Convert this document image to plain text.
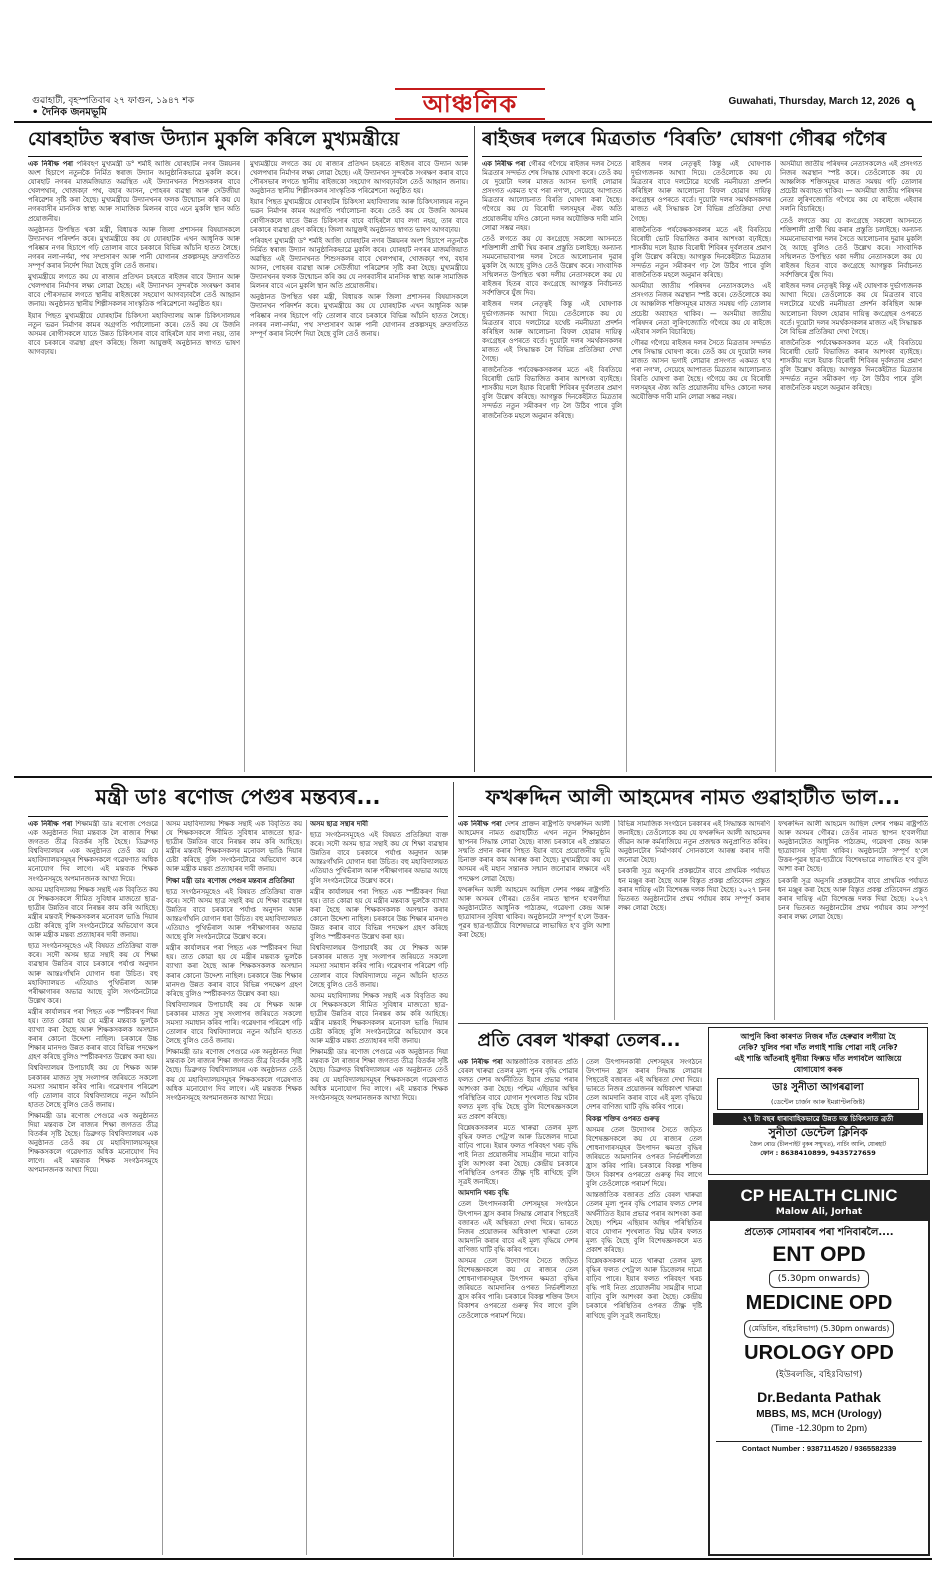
গুৱাহাটী, বৃহস্পতিবাৰ ২৭ ফাগুন, ১৯৪৭ শক
• দৈনিক জনমভূমি	আঞ্চলিক	Guwahati, Thursday, March 12, 2026 ৭
যোৰহাটত স্বৰাজ উদ্যান মুকলি কৰিলে মুখ্যমন্ত্ৰীয়ে

এক নিৰীক্ষ পৰা পৰিবহণ মুখ্যমন্ত্ৰী ড° শৰ্মাই আজি যোৰহাটৰ নগৰ উন্নয়নৰ অংশ হিচাপে নতুনকৈ নিৰ্মিত স্বৰাজ উদ্যান আনুষ্ঠানিকভাৱে মুকলি কৰে। যোৰহাট নগৰৰ মাজমজিয়াত অৱস্থিত এই উদ্যানখনত শিশুসকলৰ বাবে খেলপথাৰ, খোজকঢ়া পথ, বহাৰ আসন, পোহৰৰ ব্যৱস্থা আৰু সেউজীয়া পৰিৱেশৰ সৃষ্টি কৰা হৈছে। মুখ্যমন্ত্ৰীয়ে উদ্যানখনৰ ফলক উন্মোচন কৰি কয় যে নগৰবাসীৰ মানসিক স্বাস্থ্য আৰু সামাজিক মিলনৰ বাবে এনে মুকলি স্থান অতি প্ৰয়োজনীয়।

অনুষ্ঠানত উপস্থিত থকা মন্ত্ৰী, বিধায়ক আৰু জিলা প্ৰশাসনৰ বিষয়াসকলে উদ্যানখন পৰিদৰ্শন কৰে। মুখ্যমন্ত্ৰীয়ে কয় যে যোৰহাটক এখন আধুনিক আৰু পৰিষ্কাৰ নগৰ হিচাপে গঢ়ি তোলাৰ বাবে চৰকাৰে বিভিন্ন আঁচনি হাতত লৈছে। নগৰৰ নলা-নৰ্দমা, পথ সম্প্ৰসাৰণ আৰু পানী যোগানৰ প্ৰকল্পসমূহ দ্ৰুতগতিত সম্পূৰ্ণ কৰাৰ নিৰ্দেশ দিয়া হৈছে বুলি তেওঁ জনায়।

মুখ্যমন্ত্ৰীয়ে লগতে কয় যে ৰাজ্যৰ প্ৰতিখন চহৰতে ৰাইজৰ বাবে উদ্যান আৰু খেলপথাৰ নিৰ্মাণৰ লক্ষ্য লোৱা হৈছে। এই উদ্যানখন সুন্দৰকৈ সংৰক্ষণ কৰাৰ বাবে পৌৰসভাৰ লগতে স্থানীয় ৰাইজকো সহযোগ আগবঢ়াবলৈ তেওঁ আহ্বান জনায়। অনুষ্ঠানত স্থানীয় শিল্পীসকলৰ সাংস্কৃতিক পৰিৱেশনো অনুষ্ঠিত হয়।

ইয়াৰ পিছত মুখ্যমন্ত্ৰীয়ে যোৰহাটৰ চিকিৎসা মহাবিদ্যালয় আৰু চিকিৎসালয়ৰ নতুন ভৱন নিৰ্মাণৰ কামৰ অগ্ৰগতি পৰ্যালোচনা কৰে। তেওঁ কয় যে উজনি অসমৰ ৰোগীসকলে যাতে উন্নত চিকিৎসাৰ বাবে বাহিৰলৈ যাব লগা নহয়, তাৰ বাবে চৰকাৰে ব্যৱস্থা গ্ৰহণ কৰিছে। জিলা আয়ুক্তই অনুষ্ঠানত স্বাগত ভাষণ আগবঢ়ায়।

মুখ্যমন্ত্ৰীয়ে লগতে কয় যে ৰাজ্যৰ প্ৰতিখন চহৰতে ৰাইজৰ বাবে উদ্যান আৰু খেলপথাৰ নিৰ্মাণৰ লক্ষ্য লোৱা হৈছে। এই উদ্যানখন সুন্দৰকৈ সংৰক্ষণ কৰাৰ বাবে পৌৰসভাৰ লগতে স্থানীয় ৰাইজকো সহযোগ আগবঢ়াবলৈ তেওঁ আহ্বান জনায়। অনুষ্ঠানত স্থানীয় শিল্পীসকলৰ সাংস্কৃতিক পৰিৱেশনো অনুষ্ঠিত হয়।

ইয়াৰ পিছত মুখ্যমন্ত্ৰীয়ে যোৰহাটৰ চিকিৎসা মহাবিদ্যালয় আৰু চিকিৎসালয়ৰ নতুন ভৱন নিৰ্মাণৰ কামৰ অগ্ৰগতি পৰ্যালোচনা কৰে। তেওঁ কয় যে উজনি অসমৰ ৰোগীসকলে যাতে উন্নত চিকিৎসাৰ বাবে বাহিৰলৈ যাব লগা নহয়, তাৰ বাবে চৰকাৰে ব্যৱস্থা গ্ৰহণ কৰিছে। জিলা আয়ুক্তই অনুষ্ঠানত স্বাগত ভাষণ আগবঢ়ায়।

পৰিবহণ মুখ্যমন্ত্ৰী ড° শৰ্মাই আজি যোৰহাটৰ নগৰ উন্নয়নৰ অংশ হিচাপে নতুনকৈ নিৰ্মিত স্বৰাজ উদ্যান আনুষ্ঠানিকভাৱে মুকলি কৰে। যোৰহাট নগৰৰ মাজমজিয়াত অৱস্থিত এই উদ্যানখনত শিশুসকলৰ বাবে খেলপথাৰ, খোজকঢ়া পথ, বহাৰ আসন, পোহৰৰ ব্যৱস্থা আৰু সেউজীয়া পৰিৱেশৰ সৃষ্টি কৰা হৈছে। মুখ্যমন্ত্ৰীয়ে উদ্যানখনৰ ফলক উন্মোচন কৰি কয় যে নগৰবাসীৰ মানসিক স্বাস্থ্য আৰু সামাজিক মিলনৰ বাবে এনে মুকলি স্থান অতি প্ৰয়োজনীয়।

অনুষ্ঠানত উপস্থিত থকা মন্ত্ৰী, বিধায়ক আৰু জিলা প্ৰশাসনৰ বিষয়াসকলে উদ্যানখন পৰিদৰ্শন কৰে। মুখ্যমন্ত্ৰীয়ে কয় যে যোৰহাটক এখন আধুনিক আৰু পৰিষ্কাৰ নগৰ হিচাপে গঢ়ি তোলাৰ বাবে চৰকাৰে বিভিন্ন আঁচনি হাতত লৈছে। নগৰৰ নলা-নৰ্দমা, পথ সম্প্ৰসাৰণ আৰু পানী যোগানৰ প্ৰকল্পসমূহ দ্ৰুতগতিত সম্পূৰ্ণ কৰাৰ নিৰ্দেশ দিয়া হৈছে বুলি তেওঁ জনায়।

ৰাইজৰ দলৰে মিত্ৰতাত ‘বিৰতি’ ঘোষণা গৌৰৱ গগৈৰ

এক নিৰীক্ষ পৰা গৌৰৱ গগৈয়ে ৰাইজৰ দলৰ সৈতে মিত্ৰতাৰ সন্দৰ্ভত শেষ সিদ্ধান্ত ঘোষণা কৰে। তেওঁ কয় যে দুয়োটা দলৰ মাজত আসন ভগাই লোৱাৰ প্ৰসংগত একমত হ'ব পৰা নগ'ল, সেয়েহে আপাতত মিত্ৰতাৰ আলোচনাত বিৰতি ঘোষণা কৰা হৈছে। গগৈয়ে কয় যে বিৰোধী দলসমূহৰ ঐক্য অতি প্ৰয়োজনীয় যদিও কোনো দলৰ অযৌক্তিক দাবী মানি লোৱা সম্ভৱ নহয়।

তেওঁ লগতে কয় যে কংগ্ৰেছে সকলো আসনতে শক্তিশালী প্ৰাৰ্থী থিয় কৰাৰ প্ৰস্তুতি চলাইছে। অন্যান্য সমমনোভাবাপন্ন দলৰ সৈতে আলোচনাৰ দুৱাৰ মুকলি হৈ আছে বুলিও তেওঁ উল্লেখ কৰে। সাংবাদিক সন্মিলনত উপস্থিত থকা দলীয় নেতাসকলে কয় যে ৰাইজৰ হিতৰ বাবে কংগ্ৰেছে আগন্তুক নিৰ্বাচনত সৰ্বশক্তিৰে যুঁজ দিব।

ৰাইজৰ দলৰ নেতৃত্বই কিন্তু এই ঘোষণাক দুৰ্ভাগ্যজনক আখ্যা দিয়ে। তেওঁলোকে কয় যে মিত্ৰতাৰ বাবে দলটোৱে যথেষ্ট নমনীয়তা প্ৰদৰ্শন কৰিছিল আৰু আলোচনা বিফল হোৱাৰ দায়িত্ব কংগ্ৰেছৰ ওপৰতে বৰ্তে। দুয়োটা দলৰ সমৰ্থকসকলৰ মাজত এই সিদ্ধান্তক লৈ বিভিন্ন প্ৰতিক্ৰিয়া দেখা গৈছে।

ৰাজনৈতিক পৰ্যবেক্ষকসকলৰ মতে এই বিৰতিয়ে বিৰোধী ভোট বিভাজিত কৰাৰ আশংকা বঢ়াইছে। শাসকীয় দলে ইয়াক বিৰোধী শিবিৰৰ দুৰ্বলতাৰ প্ৰমাণ বুলি উল্লেখ কৰিছে। আগন্তুক দিনকেইটাত মিত্ৰতাৰ সন্দৰ্ভত নতুন সমীকৰণ গঢ় লৈ উঠিব পাৰে বুলি ৰাজনৈতিক মহলে অনুমান কৰিছে।

ৰাইজৰ দলৰ নেতৃত্বই কিন্তু এই ঘোষণাক দুৰ্ভাগ্যজনক আখ্যা দিয়ে। তেওঁলোকে কয় যে মিত্ৰতাৰ বাবে দলটোৱে যথেষ্ট নমনীয়তা প্ৰদৰ্শন কৰিছিল আৰু আলোচনা বিফল হোৱাৰ দায়িত্ব কংগ্ৰেছৰ ওপৰতে বৰ্তে। দুয়োটা দলৰ সমৰ্থকসকলৰ মাজত এই সিদ্ধান্তক লৈ বিভিন্ন প্ৰতিক্ৰিয়া দেখা গৈছে।

ৰাজনৈতিক পৰ্যবেক্ষকসকলৰ মতে এই বিৰতিয়ে বিৰোধী ভোট বিভাজিত কৰাৰ আশংকা বঢ়াইছে। শাসকীয় দলে ইয়াক বিৰোধী শিবিৰৰ দুৰ্বলতাৰ প্ৰমাণ বুলি উল্লেখ কৰিছে। আগন্তুক দিনকেইটাত মিত্ৰতাৰ সন্দৰ্ভত নতুন সমীকৰণ গঢ় লৈ উঠিব পাৰে বুলি ৰাজনৈতিক মহলে অনুমান কৰিছে।

অসমীয়া জাতীয় পৰিষদৰ নেতাসকলেও এই প্ৰসংগত নিজৰ অৱস্থান স্পষ্ট কৰে। তেওঁলোকে কয় যে আঞ্চলিক শক্তিসমূহৰ মাজত সমন্বয় গঢ়ি তোলাৰ প্ৰচেষ্টা অব্যাহত থাকিব। — অসমীয়া জাতীয় পৰিষদৰ নেতা লুৰিণজ্যোতি গগৈয়ে কয় যে ৰাইজে এইবাৰ সলনি বিচাৰিছে।

গৌৰৱ গগৈয়ে ৰাইজৰ দলৰ সৈতে মিত্ৰতাৰ সন্দৰ্ভত শেষ সিদ্ধান্ত ঘোষণা কৰে। তেওঁ কয় যে দুয়োটা দলৰ মাজত আসন ভগাই লোৱাৰ প্ৰসংগত একমত হ'ব পৰা নগ'ল, সেয়েহে আপাতত মিত্ৰতাৰ আলোচনাত বিৰতি ঘোষণা কৰা হৈছে। গগৈয়ে কয় যে বিৰোধী দলসমূহৰ ঐক্য অতি প্ৰয়োজনীয় যদিও কোনো দলৰ অযৌক্তিক দাবী মানি লোৱা সম্ভৱ নহয়।

অসমীয়া জাতীয় পৰিষদৰ নেতাসকলেও এই প্ৰসংগত নিজৰ অৱস্থান স্পষ্ট কৰে। তেওঁলোকে কয় যে আঞ্চলিক শক্তিসমূহৰ মাজত সমন্বয় গঢ়ি তোলাৰ প্ৰচেষ্টা অব্যাহত থাকিব। — অসমীয়া জাতীয় পৰিষদৰ নেতা লুৰিণজ্যোতি গগৈয়ে কয় যে ৰাইজে এইবাৰ সলনি বিচাৰিছে।

তেওঁ লগতে কয় যে কংগ্ৰেছে সকলো আসনতে শক্তিশালী প্ৰাৰ্থী থিয় কৰাৰ প্ৰস্তুতি চলাইছে। অন্যান্য সমমনোভাবাপন্ন দলৰ সৈতে আলোচনাৰ দুৱাৰ মুকলি হৈ আছে বুলিও তেওঁ উল্লেখ কৰে। সাংবাদিক সন্মিলনত উপস্থিত থকা দলীয় নেতাসকলে কয় যে ৰাইজৰ হিতৰ বাবে কংগ্ৰেছে আগন্তুক নিৰ্বাচনত সৰ্বশক্তিৰে যুঁজ দিব।

ৰাইজৰ দলৰ নেতৃত্বই কিন্তু এই ঘোষণাক দুৰ্ভাগ্যজনক আখ্যা দিয়ে। তেওঁলোকে কয় যে মিত্ৰতাৰ বাবে দলটোৱে যথেষ্ট নমনীয়তা প্ৰদৰ্শন কৰিছিল আৰু আলোচনা বিফল হোৱাৰ দায়িত্ব কংগ্ৰেছৰ ওপৰতে বৰ্তে। দুয়োটা দলৰ সমৰ্থকসকলৰ মাজত এই সিদ্ধান্তক লৈ বিভিন্ন প্ৰতিক্ৰিয়া দেখা গৈছে।

ৰাজনৈতিক পৰ্যবেক্ষকসকলৰ মতে এই বিৰতিয়ে বিৰোধী ভোট বিভাজিত কৰাৰ আশংকা বঢ়াইছে। শাসকীয় দলে ইয়াক বিৰোধী শিবিৰৰ দুৰ্বলতাৰ প্ৰমাণ বুলি উল্লেখ কৰিছে। আগন্তুক দিনকেইটাত মিত্ৰতাৰ সন্দৰ্ভত নতুন সমীকৰণ গঢ় লৈ উঠিব পাৰে বুলি ৰাজনৈতিক মহলে অনুমান কৰিছে।

মন্ত্ৰী ডাঃ ৰণোজ পেগুৰ মন্তব্যৰ...

এক নিৰীক্ষ পৰা শিক্ষামন্ত্ৰী ডাঃ ৰণোজ পেগুৱে এক অনুষ্ঠানত দিয়া মন্তব্যক লৈ ৰাজ্যৰ শিক্ষা জগতত তীব্ৰ বিতৰ্কৰ সৃষ্টি হৈছে। ডিব্ৰুগড় বিশ্ববিদ্যালয়ৰ এক অনুষ্ঠানত তেওঁ কয় যে মহাবিদ্যালয়সমূহৰ শিক্ষকসকলে গৱেষণাত অধিক মনোযোগ দিব লাগে। এই মন্তব্যক শিক্ষক সংগঠনসমূহে অপমানজনক আখ্যা দিয়ে।

অসম মহাবিদ্যালয় শিক্ষক সন্থাই এক বিবৃতিত কয় যে শিক্ষকসকলে সীমিত সুবিধাৰ মাজতো ছাত্ৰ-ছাত্ৰীৰ উন্নতিৰ বাবে নিৰন্তৰ কাম কৰি আহিছে। মন্ত্ৰীৰ মন্তব্যই শিক্ষকসকলৰ মনোবল ভাঙি দিয়াৰ চেষ্টা কৰিছে বুলি সংগঠনটোৱে অভিযোগ কৰে আৰু মন্ত্ৰীক মন্তব্য প্ৰত্যাহাৰৰ দাবী জনায়।

ছাত্ৰ সংগঠনসমূহেও এই বিষয়ত প্ৰতিক্ৰিয়া ব্যক্ত কৰে। সদৌ অসম ছাত্ৰ সন্থাই কয় যে শিক্ষা ব্যৱস্থাৰ উন্নতিৰ বাবে চৰকাৰে পৰ্যাপ্ত অনুদান আৰু আন্তঃগাঁথনি যোগান ধৰা উচিত। বহু মহাবিদ্যালয়ত এতিয়াও পুথিভঁৰাল আৰু পৰীক্ষাগাৰৰ অভাৱ আছে বুলি সংগঠনটোৱে উল্লেখ কৰে।

মন্ত্ৰীৰ কাৰ্যালয়ৰ পৰা পিছত এক স্পষ্টীকৰণ দিয়া হয়। তাত কোৱা হয় যে মন্ত্ৰীৰ মন্তব্যক ভুলকৈ ব্যাখ্যা কৰা হৈছে আৰু শিক্ষকসকলক অসন্মান কৰাৰ কোনো উদ্দেশ্য নাছিল। চৰকাৰে উচ্চ শিক্ষাৰ মানদণ্ড উন্নত কৰাৰ বাবে বিভিন্ন পদক্ষেপ গ্ৰহণ কৰিছে বুলিও স্পষ্টীকৰণত উল্লেখ কৰা হয়।

বিশ্ববিদ্যালয়ৰ উপাচাৰ্যই কয় যে শিক্ষক আৰু চৰকাৰৰ মাজত সুস্থ সংলাপৰ জৰিয়তে সকলো সমস্যা সমাধান কৰিব পাৰি। গৱেষণাৰ পৰিৱেশ গঢ়ি তোলাৰ বাবে বিশ্ববিদ্যালয়ে নতুন আঁচনি হাতত লৈছে বুলিও তেওঁ জনায়।

শিক্ষামন্ত্ৰী ডাঃ ৰণোজ পেগুৱে এক অনুষ্ঠানত দিয়া মন্তব্যক লৈ ৰাজ্যৰ শিক্ষা জগতত তীব্ৰ বিতৰ্কৰ সৃষ্টি হৈছে। ডিব্ৰুগড় বিশ্ববিদ্যালয়ৰ এক অনুষ্ঠানত তেওঁ কয় যে মহাবিদ্যালয়সমূহৰ শিক্ষকসকলে গৱেষণাত অধিক মনোযোগ দিব লাগে। এই মন্তব্যক শিক্ষক সংগঠনসমূহে অপমানজনক আখ্যা দিয়ে।

অসম মহাবিদ্যালয় শিক্ষক সন্থাই এক বিবৃতিত কয় যে শিক্ষকসকলে সীমিত সুবিধাৰ মাজতো ছাত্ৰ-ছাত্ৰীৰ উন্নতিৰ বাবে নিৰন্তৰ কাম কৰি আহিছে। মন্ত্ৰীৰ মন্তব্যই শিক্ষকসকলৰ মনোবল ভাঙি দিয়াৰ চেষ্টা কৰিছে বুলি সংগঠনটোৱে অভিযোগ কৰে আৰু মন্ত্ৰীক মন্তব্য প্ৰত্যাহাৰৰ দাবী জনায়।

শিক্ষা মন্ত্ৰী ডাঃ ৰণোজ পেগুৰ মন্তব্যৰ প্ৰতিক্ৰিয়া

ছাত্ৰ সংগঠনসমূহেও এই বিষয়ত প্ৰতিক্ৰিয়া ব্যক্ত কৰে। সদৌ অসম ছাত্ৰ সন্থাই কয় যে শিক্ষা ব্যৱস্থাৰ উন্নতিৰ বাবে চৰকাৰে পৰ্যাপ্ত অনুদান আৰু আন্তঃগাঁথনি যোগান ধৰা উচিত। বহু মহাবিদ্যালয়ত এতিয়াও পুথিভঁৰাল আৰু পৰীক্ষাগাৰৰ অভাৱ আছে বুলি সংগঠনটোৱে উল্লেখ কৰে।

মন্ত্ৰীৰ কাৰ্যালয়ৰ পৰা পিছত এক স্পষ্টীকৰণ দিয়া হয়। তাত কোৱা হয় যে মন্ত্ৰীৰ মন্তব্যক ভুলকৈ ব্যাখ্যা কৰা হৈছে আৰু শিক্ষকসকলক অসন্মান কৰাৰ কোনো উদ্দেশ্য নাছিল। চৰকাৰে উচ্চ শিক্ষাৰ মানদণ্ড উন্নত কৰাৰ বাবে বিভিন্ন পদক্ষেপ গ্ৰহণ কৰিছে বুলিও স্পষ্টীকৰণত উল্লেখ কৰা হয়।

বিশ্ববিদ্যালয়ৰ উপাচাৰ্যই কয় যে শিক্ষক আৰু চৰকাৰৰ মাজত সুস্থ সংলাপৰ জৰিয়তে সকলো সমস্যা সমাধান কৰিব পাৰি। গৱেষণাৰ পৰিৱেশ গঢ়ি তোলাৰ বাবে বিশ্ববিদ্যালয়ে নতুন আঁচনি হাতত লৈছে বুলিও তেওঁ জনায়।

শিক্ষামন্ত্ৰী ডাঃ ৰণোজ পেগুৱে এক অনুষ্ঠানত দিয়া মন্তব্যক লৈ ৰাজ্যৰ শিক্ষা জগতত তীব্ৰ বিতৰ্কৰ সৃষ্টি হৈছে। ডিব্ৰুগড় বিশ্ববিদ্যালয়ৰ এক অনুষ্ঠানত তেওঁ কয় যে মহাবিদ্যালয়সমূহৰ শিক্ষকসকলে গৱেষণাত অধিক মনোযোগ দিব লাগে। এই মন্তব্যক শিক্ষক সংগঠনসমূহে অপমানজনক আখ্যা দিয়ে।

অসম ছাত্ৰ সন্থাৰ দাবী

ছাত্ৰ সংগঠনসমূহেও এই বিষয়ত প্ৰতিক্ৰিয়া ব্যক্ত কৰে। সদৌ অসম ছাত্ৰ সন্থাই কয় যে শিক্ষা ব্যৱস্থাৰ উন্নতিৰ বাবে চৰকাৰে পৰ্যাপ্ত অনুদান আৰু আন্তঃগাঁথনি যোগান ধৰা উচিত। বহু মহাবিদ্যালয়ত এতিয়াও পুথিভঁৰাল আৰু পৰীক্ষাগাৰৰ অভাৱ আছে বুলি সংগঠনটোৱে উল্লেখ কৰে।

মন্ত্ৰীৰ কাৰ্যালয়ৰ পৰা পিছত এক স্পষ্টীকৰণ দিয়া হয়। তাত কোৱা হয় যে মন্ত্ৰীৰ মন্তব্যক ভুলকৈ ব্যাখ্যা কৰা হৈছে আৰু শিক্ষকসকলক অসন্মান কৰাৰ কোনো উদ্দেশ্য নাছিল। চৰকাৰে উচ্চ শিক্ষাৰ মানদণ্ড উন্নত কৰাৰ বাবে বিভিন্ন পদক্ষেপ গ্ৰহণ কৰিছে বুলিও স্পষ্টীকৰণত উল্লেখ কৰা হয়।

বিশ্ববিদ্যালয়ৰ উপাচাৰ্যই কয় যে শিক্ষক আৰু চৰকাৰৰ মাজত সুস্থ সংলাপৰ জৰিয়তে সকলো সমস্যা সমাধান কৰিব পাৰি। গৱেষণাৰ পৰিৱেশ গঢ়ি তোলাৰ বাবে বিশ্ববিদ্যালয়ে নতুন আঁচনি হাতত লৈছে বুলিও তেওঁ জনায়।

অসম মহাবিদ্যালয় শিক্ষক সন্থাই এক বিবৃতিত কয় যে শিক্ষকসকলে সীমিত সুবিধাৰ মাজতো ছাত্ৰ-ছাত্ৰীৰ উন্নতিৰ বাবে নিৰন্তৰ কাম কৰি আহিছে। মন্ত্ৰীৰ মন্তব্যই শিক্ষকসকলৰ মনোবল ভাঙি দিয়াৰ চেষ্টা কৰিছে বুলি সংগঠনটোৱে অভিযোগ কৰে আৰু মন্ত্ৰীক মন্তব্য প্ৰত্যাহাৰৰ দাবী জনায়।

শিক্ষামন্ত্ৰী ডাঃ ৰণোজ পেগুৱে এক অনুষ্ঠানত দিয়া মন্তব্যক লৈ ৰাজ্যৰ শিক্ষা জগতত তীব্ৰ বিতৰ্কৰ সৃষ্টি হৈছে। ডিব্ৰুগড় বিশ্ববিদ্যালয়ৰ এক অনুষ্ঠানত তেওঁ কয় যে মহাবিদ্যালয়সমূহৰ শিক্ষকসকলে গৱেষণাত অধিক মনোযোগ দিব লাগে। এই মন্তব্যক শিক্ষক সংগঠনসমূহে অপমানজনক আখ্যা দিয়ে।

ফখৰুদ্দিন আলী আহমেদৰ নামত গুৱাহাটীত ভাল...

এক নিৰীক্ষ পৰা দেশৰ প্ৰাক্তন ৰাষ্ট্ৰপতি ফখৰুদ্দিন আলী আহমেদৰ নামত গুৱাহাটীত এখন নতুন শিক্ষানুষ্ঠান স্থাপনৰ সিদ্ধান্ত লোৱা হৈছে। ৰাজ্য চৰকাৰে এই প্ৰস্তাৱত সন্মতি প্ৰদান কৰাৰ পিছত ইয়াৰ বাবে প্ৰয়োজনীয় ভূমি চিনাক্ত কৰাৰ কাম আৰম্ভ কৰা হৈছে। মুখ্যমন্ত্ৰীয়ে কয় যে অসমৰ এই মহান সন্তানক সন্মান জনোৱাৰ লক্ষ্যৰে এই পদক্ষেপ লোৱা হৈছে।

ফখৰুদ্দিন আলী আহমেদ আছিল দেশৰ পঞ্চম ৰাষ্ট্ৰপতি আৰু অসমৰ গৌৰৱ। তেওঁৰ নামত স্থাপন হ'বলগীয়া অনুষ্ঠানটোত আধুনিক পাঠ্যক্ৰম, গৱেষণা কেন্দ্ৰ আৰু ছাত্ৰাবাসৰ সুবিধা থাকিব। অনুষ্ঠানটো সম্পূৰ্ণ হ'লে উত্তৰ-পূৱৰ ছাত্ৰ-ছাত্ৰীয়ে বিশেষভাৱে লাভান্বিত হ'ব বুলি আশা কৰা হৈছে।

বিভিন্ন সামাজিক সংগঠনে চৰকাৰৰ এই সিদ্ধান্তক আদৰণি জনাইছে। তেওঁলোকে কয় যে ফখৰুদ্দিন আলী আহমেদৰ জীৱন আৰু কৰ্মৰাজিয়ে নতুন প্ৰজন্মক অনুপ্ৰাণিত কৰিব। অনুষ্ঠানটোৰ নিৰ্মাণকাৰ্য সোনকালে আৰম্ভ কৰাৰ দাবী জনোৱা হৈছে।

চৰকাৰী সূত্ৰ অনুসৰি প্ৰকল্পটোৰ বাবে প্ৰাথমিক পৰ্যায়ত ধন মঞ্জুৰ কৰা হৈছে আৰু বিস্তৃত প্ৰকল্প প্ৰতিবেদন প্ৰস্তুত কৰাৰ দায়িত্ব এটা বিশেষজ্ঞ দলক দিয়া হৈছে। ২০২৭ চনৰ ভিতৰত অনুষ্ঠানটোৰ প্ৰথম পৰ্যায়ৰ কাম সম্পূৰ্ণ কৰাৰ লক্ষ্য লোৱা হৈছে।

ফখৰুদ্দিন আলী আহমেদ আছিল দেশৰ পঞ্চম ৰাষ্ট্ৰপতি আৰু অসমৰ গৌৰৱ। তেওঁৰ নামত স্থাপন হ'বলগীয়া অনুষ্ঠানটোত আধুনিক পাঠ্যক্ৰম, গৱেষণা কেন্দ্ৰ আৰু ছাত্ৰাবাসৰ সুবিধা থাকিব। অনুষ্ঠানটো সম্পূৰ্ণ হ'লে উত্তৰ-পূৱৰ ছাত্ৰ-ছাত্ৰীয়ে বিশেষভাৱে লাভান্বিত হ'ব বুলি আশা কৰা হৈছে।

চৰকাৰী সূত্ৰ অনুসৰি প্ৰকল্পটোৰ বাবে প্ৰাথমিক পৰ্যায়ত ধন মঞ্জুৰ কৰা হৈছে আৰু বিস্তৃত প্ৰকল্প প্ৰতিবেদন প্ৰস্তুত কৰাৰ দায়িত্ব এটা বিশেষজ্ঞ দলক দিয়া হৈছে। ২০২৭ চনৰ ভিতৰত অনুষ্ঠানটোৰ প্ৰথম পৰ্যায়ৰ কাম সম্পূৰ্ণ কৰাৰ লক্ষ্য লোৱা হৈছে।

প্ৰতি বেৰল খাৰুৱা তেলৰ...

এক নিৰীক্ষ পৰা আন্তৰ্জাতিক বজাৰত প্ৰতি বেৰল খাৰুৱা তেলৰ মূল্য পুনৰ বৃদ্ধি পোৱাৰ ফলত দেশৰ অৰ্থনীতিত ইয়াৰ প্ৰভাৱ পৰাৰ আশংকা কৰা হৈছে। পশ্চিম এছিয়াৰ অস্থিৰ পৰিস্থিতিৰ বাবে যোগান শৃংখলাত বিঘ্ন ঘটাৰ ফলত মূল্য বৃদ্ধি হৈছে বুলি বিশেষজ্ঞসকলে মত প্ৰকাশ কৰিছে।

বিশ্লেষকসকলৰ মতে খাৰুৱা তেলৰ মূল্য বৃদ্ধিৰ ফলত পেট্ৰ'ল আৰু ডিজেলৰ দামো বাঢ়িব পাৰে। ইয়াৰ ফলত পৰিবহণ খৰচ বৃদ্ধি পাই নিত্য প্ৰয়োজনীয় সামগ্ৰীৰ দামো বাঢ়িব বুলি আশংকা কৰা হৈছে। কেন্দ্ৰীয় চৰকাৰে পৰিস্থিতিৰ ওপৰত তীক্ষ্ণ দৃষ্টি ৰাখিছে বুলি সূত্ৰই জনাইছে।

আমদানি খৰচ বৃদ্ধি

তেল উৎপাদনকাৰী দেশসমূহৰ সংগঠনে উৎপাদন হ্ৰাস কৰাৰ সিদ্ধান্ত লোৱাৰ পিছতেই বজাৰত এই অস্থিৰতা দেখা দিয়ে। ভাৰতে নিজৰ প্ৰয়োজনৰ অধিকাংশ খাৰুৱা তেল আমদানি কৰাৰ বাবে এই মূল্য বৃদ্ধিয়ে দেশৰ বাণিজ্য ঘাটি বৃদ্ধি কৰিব পাৰে।

অসমৰ তেল উদ্যোগৰ সৈতে জড়িত বিশেষজ্ঞসকলে কয় যে ৰাজ্যৰ তেল শোধনাগাৰসমূহৰ উৎপাদন ক্ষমতা বৃদ্ধিৰ জৰিয়তে আমদানিৰ ওপৰত নিৰ্ভৰশীলতা হ্ৰাস কৰিব পাৰি। চৰকাৰে বিকল্প শক্তিৰ উৎস বিকাশৰ ওপৰতো গুৰুত্ব দিব লাগে বুলি তেওঁলোকে পৰামৰ্শ দিয়ে।

তেল উৎপাদনকাৰী দেশসমূহৰ সংগঠনে উৎপাদন হ্ৰাস কৰাৰ সিদ্ধান্ত লোৱাৰ পিছতেই বজাৰত এই অস্থিৰতা দেখা দিয়ে। ভাৰতে নিজৰ প্ৰয়োজনৰ অধিকাংশ খাৰুৱা তেল আমদানি কৰাৰ বাবে এই মূল্য বৃদ্ধিয়ে দেশৰ বাণিজ্য ঘাটি বৃদ্ধি কৰিব পাৰে।

বিকল্প শক্তিৰ ওপৰত গুৰুত্ব

অসমৰ তেল উদ্যোগৰ সৈতে জড়িত বিশেষজ্ঞসকলে কয় যে ৰাজ্যৰ তেল শোধনাগাৰসমূহৰ উৎপাদন ক্ষমতা বৃদ্ধিৰ জৰিয়তে আমদানিৰ ওপৰত নিৰ্ভৰশীলতা হ্ৰাস কৰিব পাৰি। চৰকাৰে বিকল্প শক্তিৰ উৎস বিকাশৰ ওপৰতো গুৰুত্ব দিব লাগে বুলি তেওঁলোকে পৰামৰ্শ দিয়ে।

আন্তৰ্জাতিক বজাৰত প্ৰতি বেৰল খাৰুৱা তেলৰ মূল্য পুনৰ বৃদ্ধি পোৱাৰ ফলত দেশৰ অৰ্থনীতিত ইয়াৰ প্ৰভাৱ পৰাৰ আশংকা কৰা হৈছে। পশ্চিম এছিয়াৰ অস্থিৰ পৰিস্থিতিৰ বাবে যোগান শৃংখলাত বিঘ্ন ঘটাৰ ফলত মূল্য বৃদ্ধি হৈছে বুলি বিশেষজ্ঞসকলে মত প্ৰকাশ কৰিছে।

বিশ্লেষকসকলৰ মতে খাৰুৱা তেলৰ মূল্য বৃদ্ধিৰ ফলত পেট্ৰ'ল আৰু ডিজেলৰ দামো বাঢ়িব পাৰে। ইয়াৰ ফলত পৰিবহণ খৰচ বৃদ্ধি পাই নিত্য প্ৰয়োজনীয় সামগ্ৰীৰ দামো বাঢ়িব বুলি আশংকা কৰা হৈছে। কেন্দ্ৰীয় চৰকাৰে পৰিস্থিতিৰ ওপৰত তীক্ষ্ণ দৃষ্টি ৰাখিছে বুলি সূত্ৰই জনাইছে।

আপুনি কিবা কাৰণত নিজৰ দাঁত হেৰুৱাব লগীয়া হৈ
নেকি? খুলিব পৰা দাঁত লগাই শান্তি পোৱা নাই নেকি?
এই শান্তি আঁতৰাই ধুনীয়া ফিক্সড দাঁত লগাবলৈ আজিয়ে
যোগাযোগ কৰক
ডাঃ সুনীতা আগৰৱালা
(ডেন্টেল চাৰ্জন আৰু ইমপ্লাণ্টলজিষ্ট)
২৭ টা বছৰ ধাৰাবাহিকভাৱে উন্নত দন্ত চিকিৎসাত ব্ৰতী
সুনীতা ডেন্টেল ক্লিনিক
জৈল ৰোড (চীলপাইট বুকৰ সন্মুখত), নাৰ্চিং আলি, যোৰহাট
ফোন : 8638410899, 9435727659
CP HEALTH CLINIC
Malow Ali, Jorhat
প্ৰত্যেক সোমবাৰৰ পৰা শনিবাৰলৈ....
ENT OPD
(5.30pm onwards)
MEDICINE OPD
(মেডিচিন, বহিঃবিভাগ) (5.30pm onwards)
UROLOGY OPD
(ইউৰলজি, বহিঃবিভাগ)
Dr.Bedanta Pathak
MBBS, MS, MCH (Urology)
(Time -12.30pm to 2pm)
Contact Number : 9387114520 / 9365582339
